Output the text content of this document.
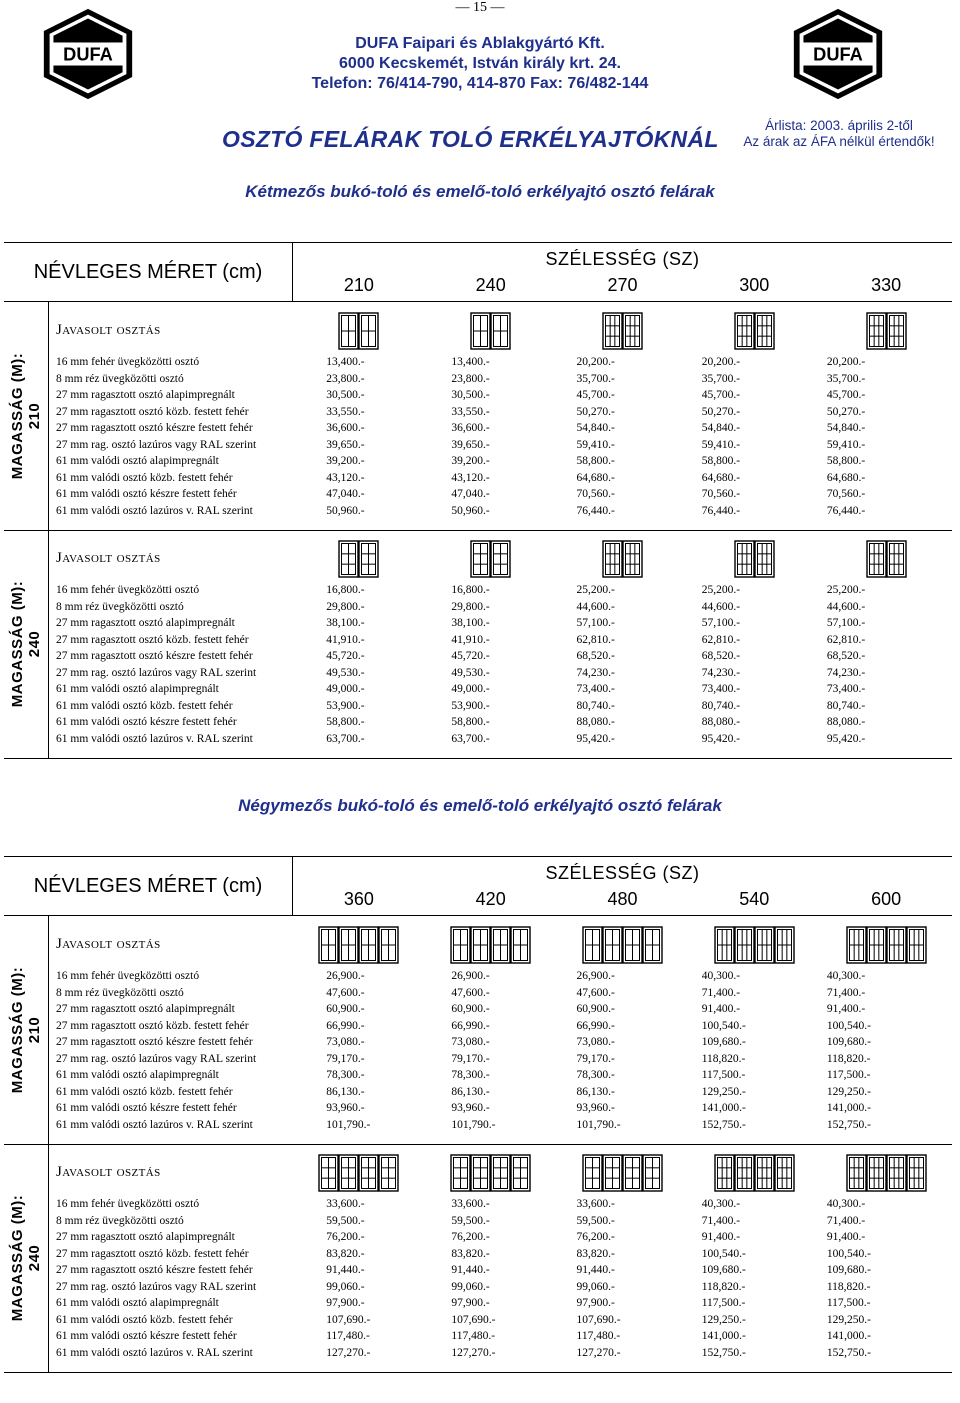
— 15 —
DUFA	DUFA
DUFA Faipari és Ablakgyártó Kft.
6000 Kecskemét, István király krt. 24.
Telefon: 76/414-790, 414-870 Fax: 76/482-144
OSZTÓ FELÁRAK TOLÓ ERKÉLYAJTÓKNÁL
Árlista: 2003. április 2-től
Az árak az ÁFA nélkül értendők!
Kétmezős bukó-toló és emelő-toló erkélyajtó osztó felárak
NÉVLEGES MÉRET (cm)
SZÉLESSÉG (SZ)
210	240	270	300	330
MAGASSÁG (M): 210
Javasolt osztás
16 mm fehér üvegközötti osztó	13,400.-	13,400.-	20,200.-	20,200.-	20,200.-
8 mm réz üvegközötti osztó	23,800.-	23,800.-	35,700.-	35,700.-	35,700.-
27 mm ragasztott osztó alapimpregnált	30,500.-	30,500.-	45,700.-	45,700.-	45,700.-
27 mm ragasztott osztó közb. festett fehér	33,550.-	33,550.-	50,270.-	50,270.-	50,270.-
27 mm ragasztott osztó készre festett fehér	36,600.-	36,600.-	54,840.-	54,840.-	54,840.-
27 mm rag. osztó lazúros vagy RAL szerint	39,650.-	39,650.-	59,410.-	59,410.-	59,410.-
61 mm valódi osztó alapimpregnált	39,200.-	39,200.-	58,800.-	58,800.-	58,800.-
61 mm valódi osztó közb. festett fehér	43,120.-	43,120.-	64,680.-	64,680.-	64,680.-
61 mm valódi osztó készre festett fehér	47,040.-	47,040.-	70,560.-	70,560.-	70,560.-
61 mm valódi osztó lazúros v. RAL szerint	50,960.-	50,960.-	76,440.-	76,440.-	76,440.-
MAGASSÁG (M): 240
Javasolt osztás
16 mm fehér üvegközötti osztó	16,800.-	16,800.-	25,200.-	25,200.-	25,200.-
8 mm réz üvegközötti osztó	29,800.-	29,800.-	44,600.-	44,600.-	44,600.-
27 mm ragasztott osztó alapimpregnált	38,100.-	38,100.-	57,100.-	57,100.-	57,100.-
27 mm ragasztott osztó közb. festett fehér	41,910.-	41,910.-	62,810.-	62,810.-	62,810.-
27 mm ragasztott osztó készre festett fehér	45,720.-	45,720.-	68,520.-	68,520.-	68,520.-
27 mm rag. osztó lazúros vagy RAL szerint	49,530.-	49,530.-	74,230.-	74,230.-	74,230.-
61 mm valódi osztó alapimpregnált	49,000.-	49,000.-	73,400.-	73,400.-	73,400.-
61 mm valódi osztó közb. festett fehér	53,900.-	53,900.-	80,740.-	80,740.-	80,740.-
61 mm valódi osztó készre festett fehér	58,800.-	58,800.-	88,080.-	88,080.-	88,080.-
61 mm valódi osztó lazúros v. RAL szerint	63,700.-	63,700.-	95,420.-	95,420.-	95,420.-
Négymezős bukó-toló és emelő-toló erkélyajtó osztó felárak
NÉVLEGES MÉRET (cm)
SZÉLESSÉG (SZ)
360	420	480	540	600
MAGASSÁG (M): 210
Javasolt osztás
16 mm fehér üvegközötti osztó	26,900.-	26,900.-	26,900.-	40,300.-	40,300.-
8 mm réz üvegközötti osztó	47,600.-	47,600.-	47,600.-	71,400.-	71,400.-
27 mm ragasztott osztó alapimpregnált	60,900.-	60,900.-	60,900.-	91,400.-	91,400.-
27 mm ragasztott osztó közb. festett fehér	66,990.-	66,990.-	66,990.-	100,540.-	100,540.-
27 mm ragasztott osztó készre festett fehér	73,080.-	73,080.-	73,080.-	109,680.-	109,680.-
27 mm rag. osztó lazúros vagy RAL szerint	79,170.-	79,170.-	79,170.-	118,820.-	118,820.-
61 mm valódi osztó alapimpregnált	78,300.-	78,300.-	78,300.-	117,500.-	117,500.-
61 mm valódi osztó közb. festett fehér	86,130.-	86,130.-	86,130.-	129,250.-	129,250.-
61 mm valódi osztó készre festett fehér	93,960.-	93,960.-	93,960.-	141,000.-	141,000.-
61 mm valódi osztó lazúros v. RAL szerint	101,790.-	101,790.-	101,790.-	152,750.-	152,750.-
MAGASSÁG (M): 240
Javasolt osztás
16 mm fehér üvegközötti osztó	33,600.-	33,600.-	33,600.-	40,300.-	40,300.-
8 mm réz üvegközötti osztó	59,500.-	59,500.-	59,500.-	71,400.-	71,400.-
27 mm ragasztott osztó alapimpregnált	76,200.-	76,200.-	76,200.-	91,400.-	91,400.-
27 mm ragasztott osztó közb. festett fehér	83,820.-	83,820.-	83,820.-	100,540.-	100,540.-
27 mm ragasztott osztó készre festett fehér	91,440.-	91,440.-	91,440.-	109,680.-	109,680.-
27 mm rag. osztó lazúros vagy RAL szerint	99,060.-	99,060.-	99,060.-	118,820.-	118,820.-
61 mm valódi osztó alapimpregnált	97,900.-	97,900.-	97,900.-	117,500.-	117,500.-
61 mm valódi osztó közb. festett fehér	107,690.-	107,690.-	107,690.-	129,250.-	129,250.-
61 mm valódi osztó készre festett fehér	117,480.-	117,480.-	117,480.-	141,000.-	141,000.-
61 mm valódi osztó lazúros v. RAL szerint	127,270.-	127,270.-	127,270.-	152,750.-	152,750.-
